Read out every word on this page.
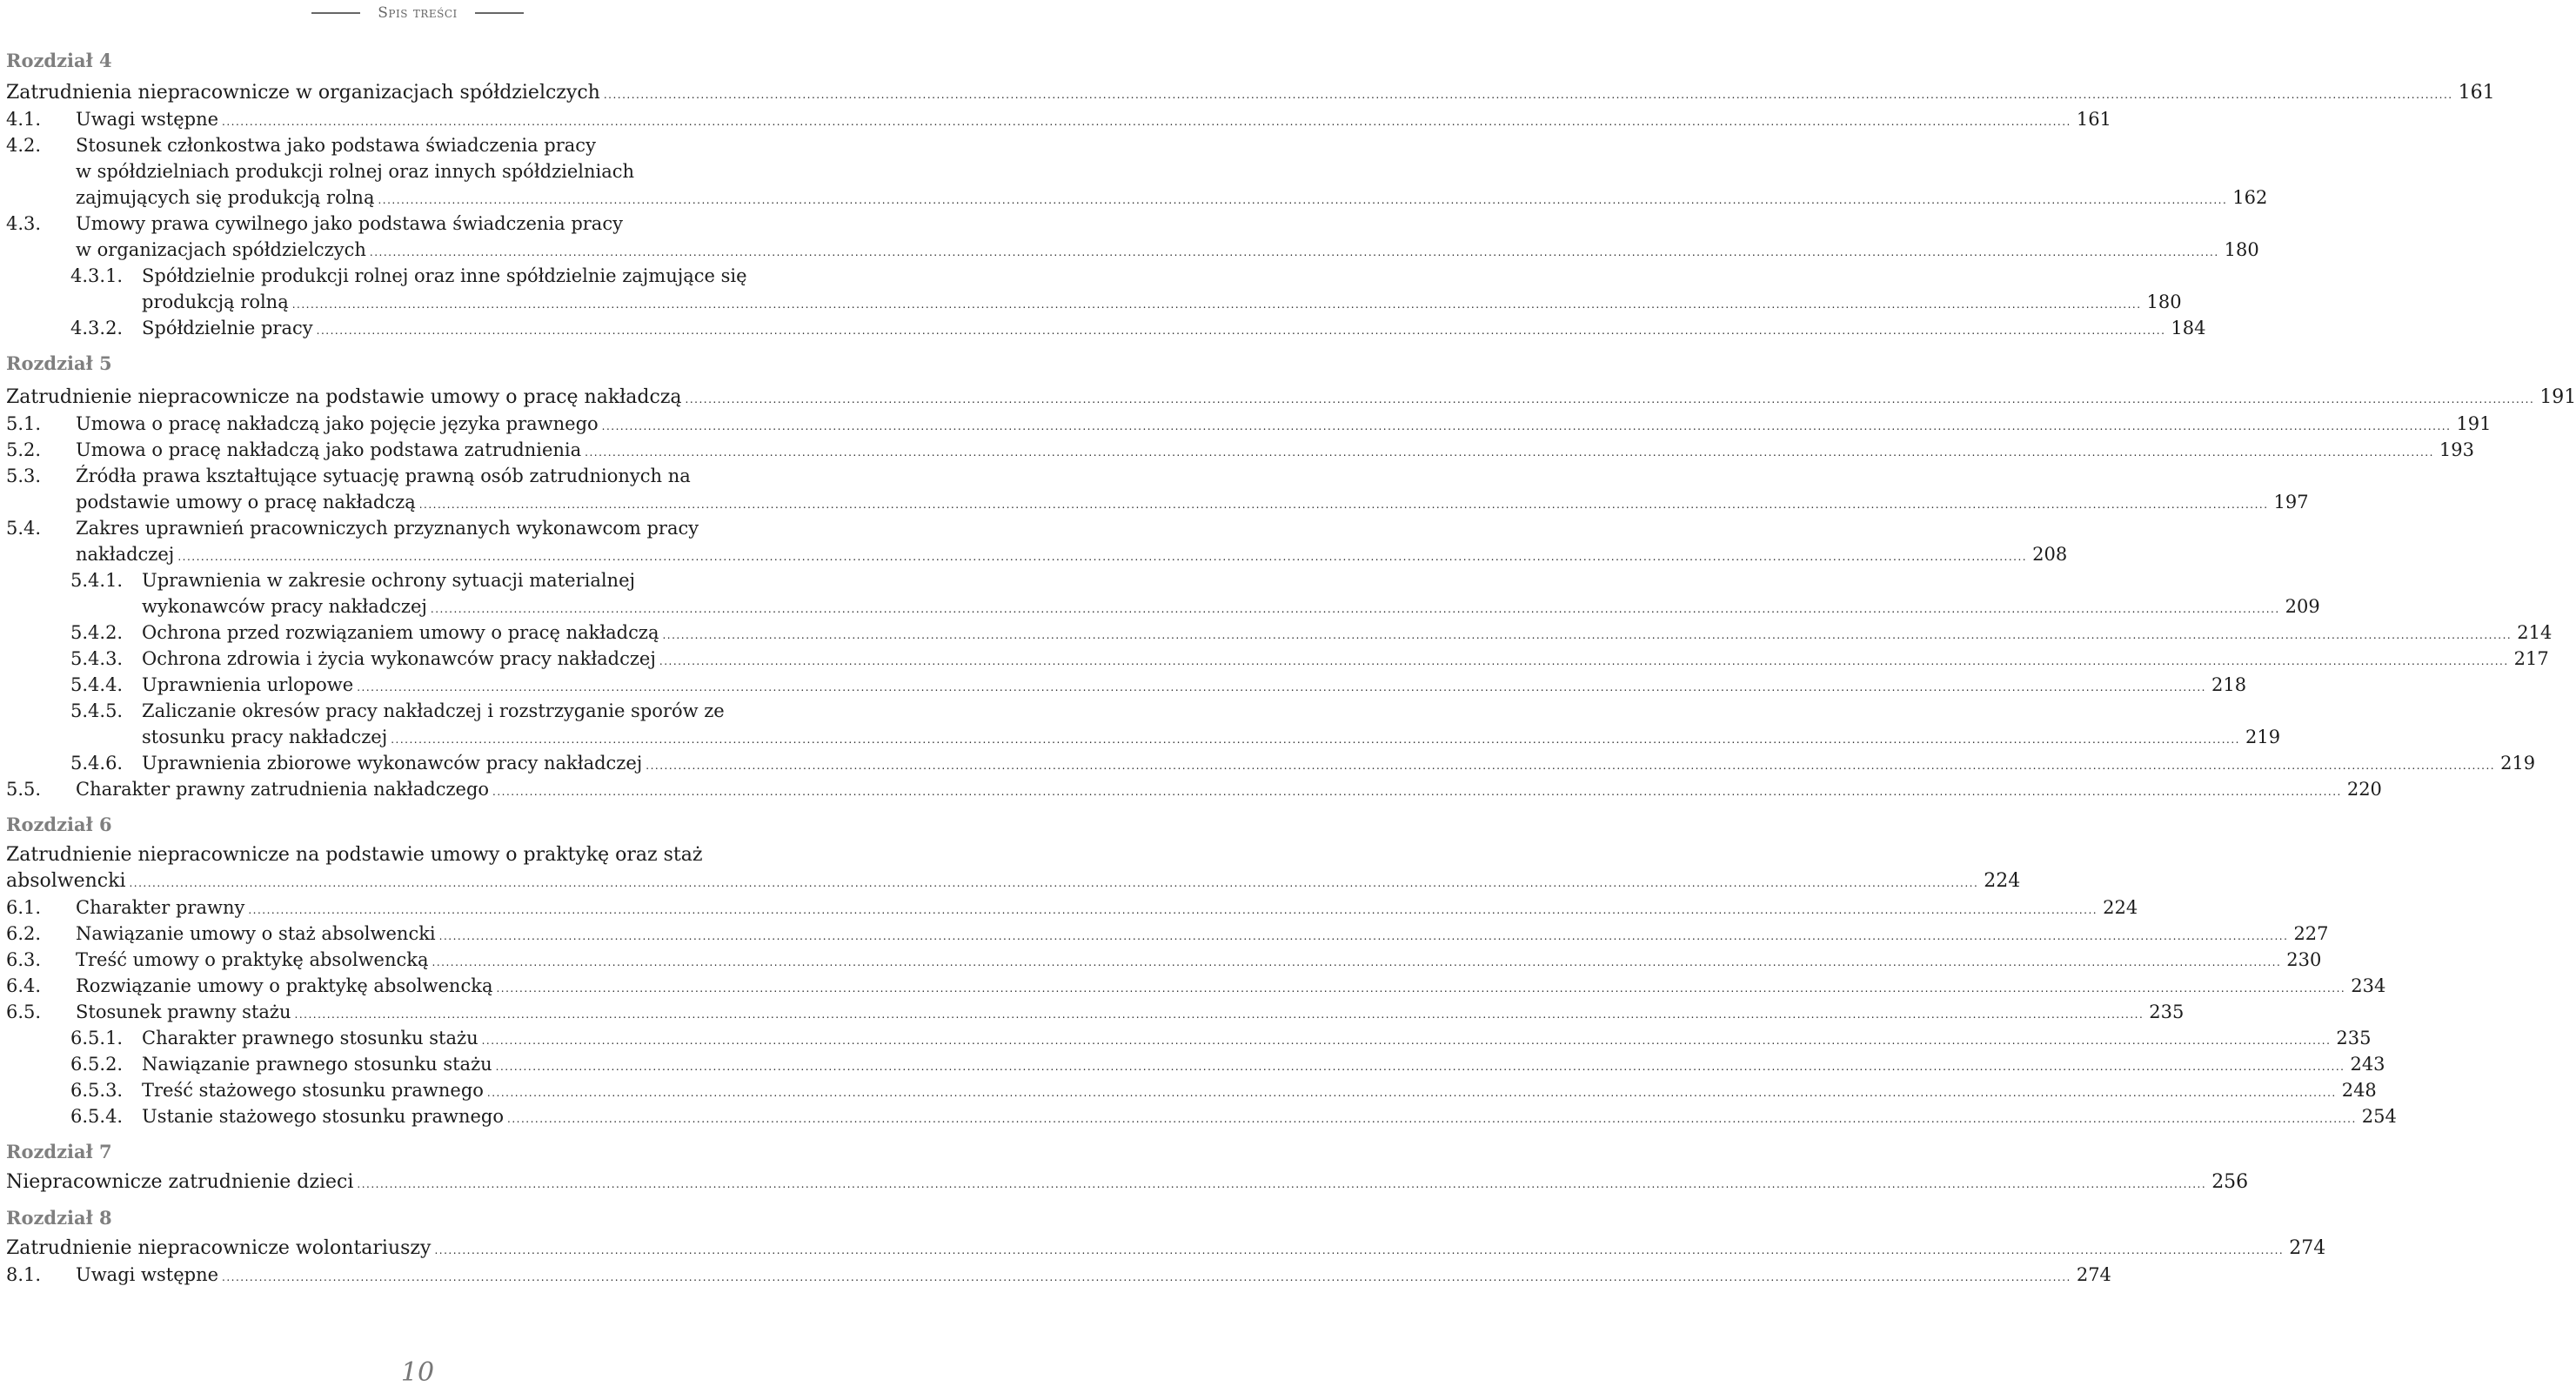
Spis treści
Rozdział 4
Zatrudnienia niepracownicze w organizacjach spółdzielczych ................................................................................................................................................................................................................................................................................................................................................................................................................ 161
4.1.	Uwagi wstępne ................................................................................................................................................................................................................................................................................................................................................................................................................ 161
4.2.	Stosunek członkostwa jako podstawa świadczenia pracy
w spółdzielniach produkcji rolnej oraz innych spółdzielniach
zajmujących się produkcją rolną ................................................................................................................................................................................................................................................................................................................................................................................................................ 162
4.3.	Umowy prawa cywilnego jako podstawa świadczenia pracy
w organizacjach spółdzielczych ................................................................................................................................................................................................................................................................................................................................................................................................................ 180
4.3.1.	Spółdzielnie produkcji rolnej oraz inne spółdzielnie zajmujące się
produkcją rolną ................................................................................................................................................................................................................................................................................................................................................................................................................ 180
4.3.2.	Spółdzielnie pracy ................................................................................................................................................................................................................................................................................................................................................................................................................ 184
Rozdział 5
Zatrudnienie niepracownicze na podstawie umowy o pracę nakładczą ................................................................................................................................................................................................................................................................................................................................................................................................................ 191
5.1.	Umowa o pracę nakładczą jako pojęcie języka prawnego ................................................................................................................................................................................................................................................................................................................................................................................................................ 191
5.2.	Umowa o pracę nakładczą jako podstawa zatrudnienia ................................................................................................................................................................................................................................................................................................................................................................................................................ 193
5.3.	Źródła prawa kształtujące sytuację prawną osób zatrudnionych na
podstawie umowy o pracę nakładczą ................................................................................................................................................................................................................................................................................................................................................................................................................ 197
5.4.	Zakres uprawnień pracowniczych przyznanych wykonawcom pracy
nakładczej ................................................................................................................................................................................................................................................................................................................................................................................................................ 208
5.4.1.	Uprawnienia w zakresie ochrony sytuacji materialnej
wykonawców pracy nakładczej ................................................................................................................................................................................................................................................................................................................................................................................................................ 209
5.4.2.	Ochrona przed rozwiązaniem umowy o pracę nakładczą ................................................................................................................................................................................................................................................................................................................................................................................................................ 214
5.4.3.	Ochrona zdrowia i życia wykonawców pracy nakładczej ................................................................................................................................................................................................................................................................................................................................................................................................................ 217
5.4.4.	Uprawnienia urlopowe ................................................................................................................................................................................................................................................................................................................................................................................................................ 218
5.4.5.	Zaliczanie okresów pracy nakładczej i rozstrzyganie sporów ze
stosunku pracy nakładczej ................................................................................................................................................................................................................................................................................................................................................................................................................ 219
5.4.6.	Uprawnienia zbiorowe wykonawców pracy nakładczej ................................................................................................................................................................................................................................................................................................................................................................................................................ 219
5.5.	Charakter prawny zatrudnienia nakładczego ................................................................................................................................................................................................................................................................................................................................................................................................................ 220
Rozdział 6
Zatrudnienie niepracownicze na podstawie umowy o praktykę oraz staż
absolwencki ................................................................................................................................................................................................................................................................................................................................................................................................................ 224
6.1.	Charakter prawny ................................................................................................................................................................................................................................................................................................................................................................................................................ 224
6.2.	Nawiązanie umowy o staż absolwencki ................................................................................................................................................................................................................................................................................................................................................................................................................ 227
6.3.	Treść umowy o praktykę absolwencką ................................................................................................................................................................................................................................................................................................................................................................................................................ 230
6.4.	Rozwiązanie umowy o praktykę absolwencką ................................................................................................................................................................................................................................................................................................................................................................................................................ 234
6.5.	Stosunek prawny stażu ................................................................................................................................................................................................................................................................................................................................................................................................................ 235
6.5.1.	Charakter prawnego stosunku stażu ................................................................................................................................................................................................................................................................................................................................................................................................................ 235
6.5.2.	Nawiązanie prawnego stosunku stażu ................................................................................................................................................................................................................................................................................................................................................................................................................ 243
6.5.3.	Treść stażowego stosunku prawnego ................................................................................................................................................................................................................................................................................................................................................................................................................ 248
6.5.4.	Ustanie stażowego stosunku prawnego ................................................................................................................................................................................................................................................................................................................................................................................................................ 254
Rozdział 7
Niepracownicze zatrudnienie dzieci ................................................................................................................................................................................................................................................................................................................................................................................................................ 256
Rozdział 8
Zatrudnienie niepracownicze wolontariuszy ................................................................................................................................................................................................................................................................................................................................................................................................................ 274
8.1.	Uwagi wstępne ................................................................................................................................................................................................................................................................................................................................................................................................................ 274
10
